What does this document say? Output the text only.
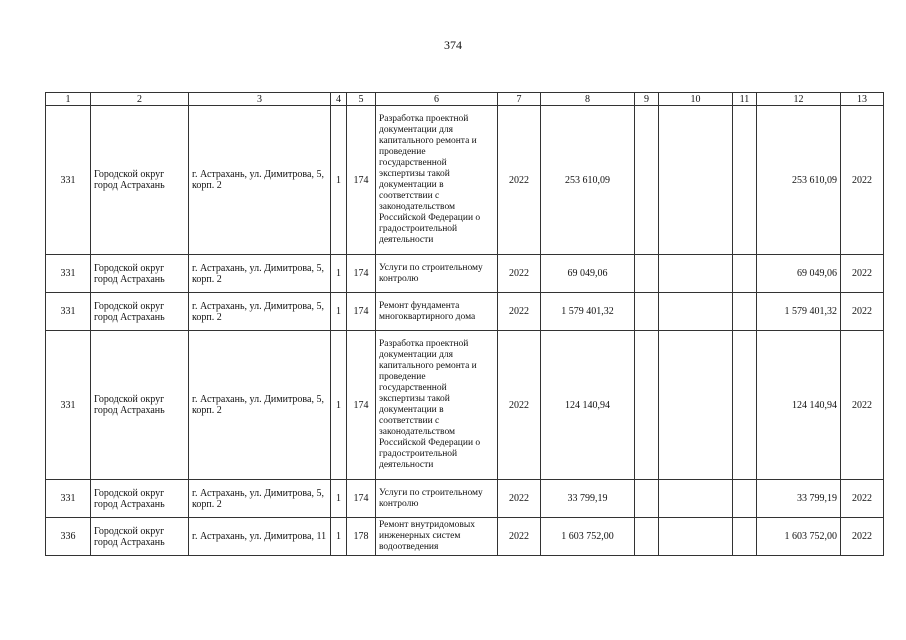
374
1	2	3	4	5	6	7	8	9	10	11	12	13
331	Городской округ город Астрахань	г. Астрахань, ул. Димитрова, 5, корп. 2	1	174	Разработка проектной документации для капитального ремонта и проведение государственной экспертизы такой документации в соответствии с законодательством Российской Федерации о градостроительной деятельности	2022	253 610,09				253 610,09	2022
331	Городской округ город Астрахань	г. Астрахань, ул. Димитрова, 5, корп. 2	1	174	Услуги по строительному контролю	2022	69 049,06				69 049,06	2022
331	Городской округ город Астрахань	г. Астрахань, ул. Димитрова, 5, корп. 2	1	174	Ремонт фундамента многоквартирного дома	2022	1 579 401,32				1 579 401,32	2022
331	Городской округ город Астрахань	г. Астрахань, ул. Димитрова, 5, корп. 2	1	174	Разработка проектной документации для капитального ремонта и проведение государственной экспертизы такой документации в соответствии с законодательством Российской Федерации о градостроительной деятельности	2022	124 140,94				124 140,94	2022
331	Городской округ город Астрахань	г. Астрахань, ул. Димитрова, 5, корп. 2	1	174	Услуги по строительному контролю	2022	33 799,19				33 799,19	2022
336	Городской округ город Астрахань	г. Астрахань, ул. Димитрова, 11	1	178	Ремонт внутридомовых инженерных систем водоотведения	2022	1 603 752,00				1 603 752,00	2022
